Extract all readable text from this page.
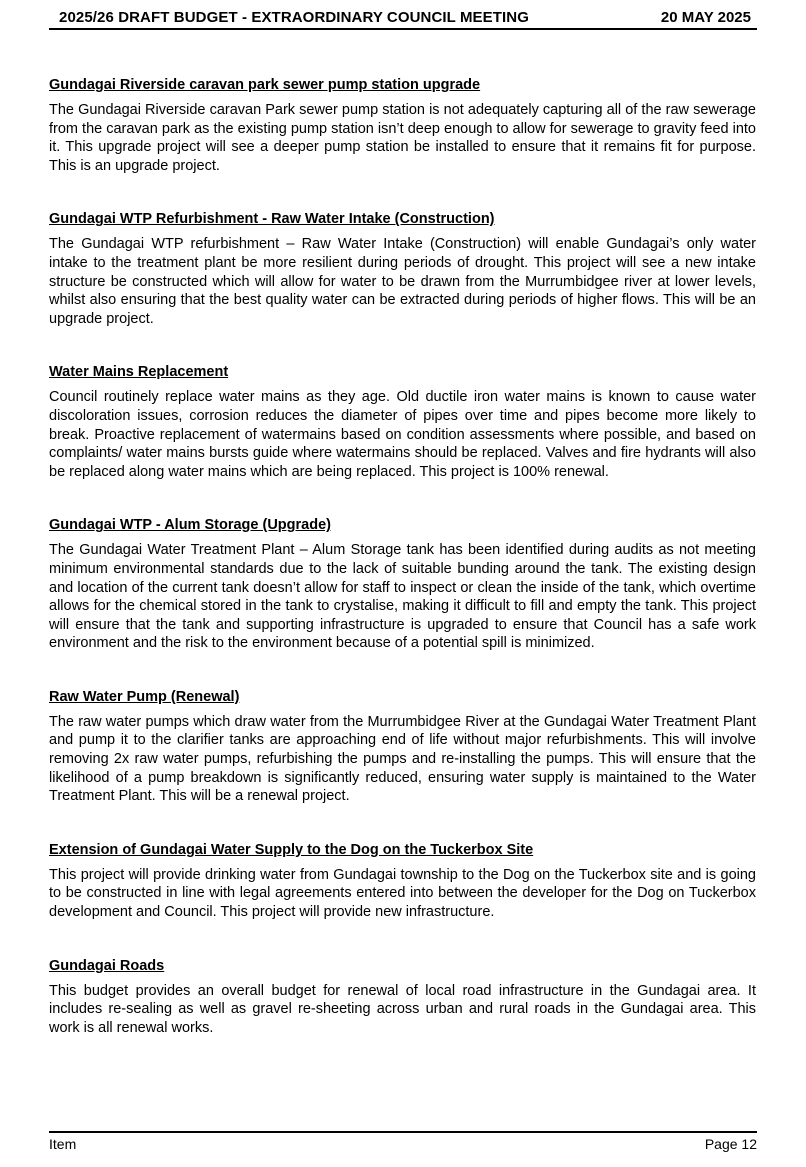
2025/26 DRAFT BUDGET - EXTRAORDINARY COUNCIL MEETING	20 MAY 2025
Gundagai Riverside caravan park sewer pump station upgrade

The Gundagai Riverside caravan Park sewer pump station is not adequately capturing all of the raw sewerage from the caravan park as the existing pump station isn’t deep enough to allow for sewerage to gravity feed into it. This upgrade project will see a deeper pump station be installed to ensure that it remains fit for purpose. This is an upgrade project.

Gundagai WTP Refurbishment - Raw Water Intake (Construction)

The Gundagai WTP refurbishment – Raw Water Intake (Construction) will enable Gundagai’s only water intake to the treatment plant be more resilient during periods of drought. This project will see a new intake structure be constructed which will allow for water to be drawn from the Murrumbidgee river at lower levels, whilst also ensuring that the best quality water can be extracted during periods of higher flows. This will be an upgrade project.

Water Mains Replacement

Council routinely replace water mains as they age. Old ductile iron water mains is known to cause water discoloration issues, corrosion reduces the diameter of pipes over time and pipes become more likely to break. Proactive replacement of watermains based on condition assessments where possible, and based on complaints/ water mains bursts guide where watermains should be replaced. Valves and fire hydrants will also be replaced along water mains which are being replaced. This project is 100% renewal.

Gundagai WTP - Alum Storage (Upgrade)

The Gundagai Water Treatment Plant – Alum Storage tank has been identified during audits as not meeting minimum environmental standards due to the lack of suitable bunding around the tank. The existing design and location of the current tank doesn’t allow for staff to inspect or clean the inside of the tank, which overtime allows for the chemical stored in the tank to crystalise, making it difficult to fill and empty the tank. This project will ensure that the tank and supporting infrastructure is upgraded to ensure that Council has a safe work environment and the risk to the environment because of a potential spill is minimized.

Raw Water Pump (Renewal)

The raw water pumps which draw water from the Murrumbidgee River at the Gundagai Water Treatment Plant and pump it to the clarifier tanks are approaching end of life without major refurbishments. This will involve removing 2x raw water pumps, refurbishing the pumps and re-installing the pumps. This will ensure that the likelihood of a pump breakdown is significantly reduced, ensuring water supply is maintained to the Water Treatment Plant. This will be a renewal project.

Extension of Gundagai Water Supply to the Dog on the Tuckerbox Site

This project will provide drinking water from Gundagai township to the Dog on the Tuckerbox site and is going to be constructed in line with legal agreements entered into between the developer for the Dog on Tuckerbox development and Council. This project will provide new infrastructure.

Gundagai Roads

This budget provides an overall budget for renewal of local road infrastructure in the Gundagai area. It includes re-sealing as well as gravel re-sheeting across urban and rural roads in the Gundagai area. This work is all renewal works.

Item	Page 12
